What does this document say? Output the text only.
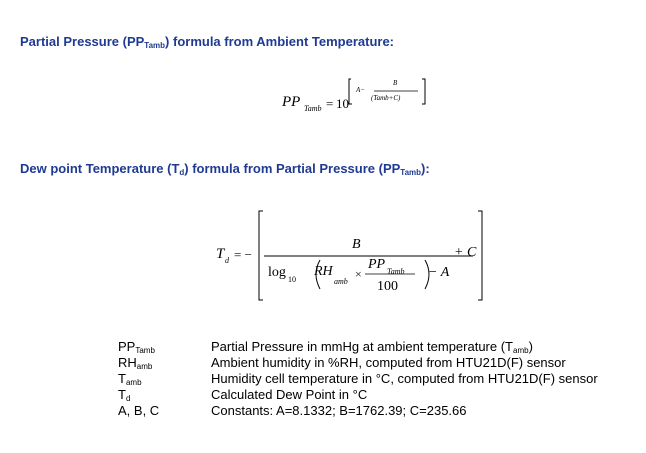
Partial Pressure $(PP_{Tamb})$ formula from Ambient Temperature:
PP Tamb = 10
A−
B
(Tamb+C)
Dew point Temperature $(T_d)$ formula from Partial Pressure $(PP_{Tamb})$:
T d = −
B
log 10
RH
amb
×
PP Tamb
100
− A
+ C
$PP_{Tamb}$	Partial Pressure in mmHg at ambient temperature $(T_{amb})$
$RH_{amb}$	Ambient humidity in %RH, computed from HTU21D(F) sensor
$T_{amb}$	Humidity cell temperature in °C, computed from HTU21D(F) sensor
$T_d$	Calculated Dew Point in °C
A, B, C	Constants: A=8.1332; B=1762.39; C=235.66
